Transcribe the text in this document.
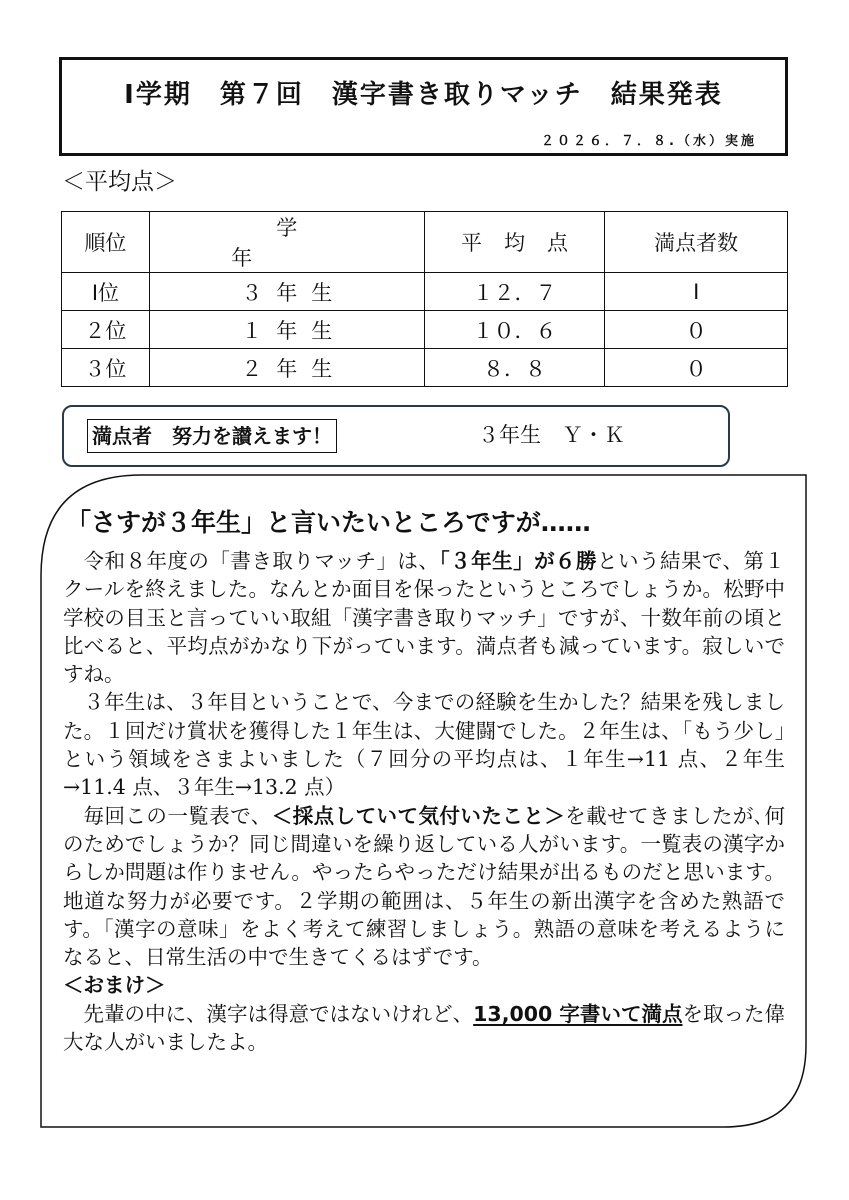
Ⅰ学期　第７回　漢字書き取りマッチ　結果発表
２０２６．７．８.（水）実施
＜平均点＞
順位	学年	平均点	満点者数
Ⅰ位	３年生	１２．７	Ⅰ
２位	１年生	１０．６	０
３位	２年生	８．８	０
満点者　努力を讃えます！	３年生　Ｙ・Ｋ
「さすが３年生」と言いたいところですが……

令和８年度の「書き取りマッチ」は、「３年生」が６勝という結果で、第１クールを終えました。なんとか面目を保ったというところでしょうか。松野中学校の目玉と言っていい取組「漢字書き取りマッチ」ですが、十数年前の頃と比べると、平均点がかなり下がっています。満点者も減っています。寂しいですね。

３年生は、３年目ということで、今までの経験を生かした？結果を残しました。１回だけ賞状を獲得した１年生は、大健闘でした。２年生は、「もう少し」という領域をさまよいました（７回分の平均点は、１年生→11 点、２年生→11.4 点、３年生→13.2 点）

毎回この一覧表で、＜採点していて気付いたこと＞を載せてきましたが､何のためでしょうか？同じ間違いを繰り返している人がいます。一覧表の漢字からしか問題は作りません。やったらやっただけ結果が出るものだと思います。地道な努力が必要です。２学期の範囲は、５年生の新出漢字を含めた熟語です。「漢字の意味」をよく考えて練習しましょう。熟語の意味を考えるようになると、日常生活の中で生きてくるはずです。

＜おまけ＞

先輩の中に、漢字は得意ではないけれど、13,000 字書いて満点を取った偉大な人がいましたよ。
